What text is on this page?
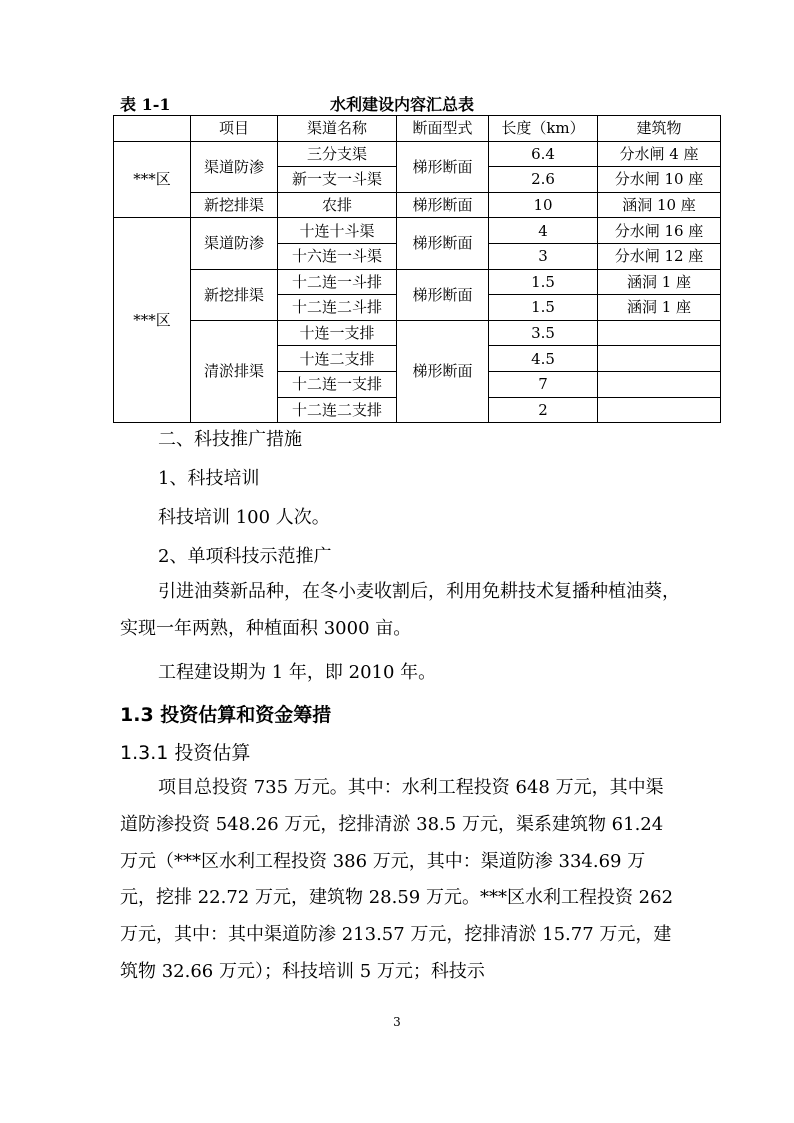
表 1-1	水利建设内容汇总表
	项目	渠道名称	断面型式	长度（km）	建筑物
***区	渠道防渗	三分支渠	梯形断面	6.4	分水闸 4 座
		新一支一斗渠		2.6	分水闸 10 座
	新挖排渠	农排	梯形断面	10	涵洞 10 座
***区	渠道防渗	十连十斗渠	梯形断面	4	分水闸 16 座
		十六连一斗渠		3	分水闸 12 座
	新挖排渠	十二连一斗排	梯形断面	1.5	涵洞 1 座
		十二连二斗排		1.5	涵洞 1 座
	清淤排渠	十连一支排	梯形断面	3.5	
		十连二支排		4.5	
		十二连一支排		7	
		十二连二支排		2	
二、科技推广措施
1、科技培训
科技培训 100 人次。
2、单项科技示范推广
引进油葵新品种，在冬小麦收割后，利用免耕技术复播种植油葵，实现一年两熟，种植面积 3000 亩。
工程建设期为 1 年，即 2010 年。
项目总投资 735 万元。其中：水利工程投资 648 万元，其中渠道防渗投资 548.26 万元，挖排清淤 38.5 万元，渠系建筑物 61.24 万元（***区水利工程投资 386 万元，其中：渠道防渗 334.69 万元，挖排 22.72 万元，建筑物 28.59 万元。***区水利工程投资 262 万元，其中：其中渠道防渗 213.57 万元，挖排清淤 15.77 万元，建筑物 32.66 万元）；科技培训 5 万元；科技示
1.3 投资估算和资金筹措
1.3.1 投资估算
3
